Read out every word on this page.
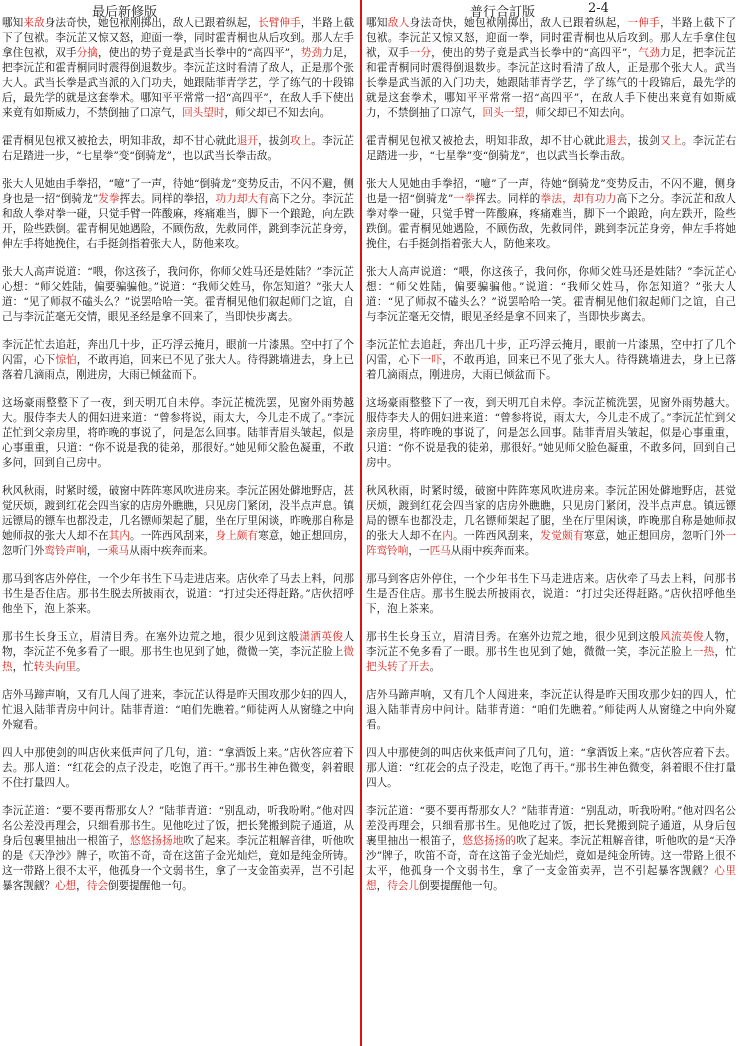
最后新修版	普行合訂版	2-4

哪知来敌身法奇快，她包袱刚掷出，敌人已跟着纵起，长臂伸手，半路上截下了包袱。李沅芷又惊又怒，迎面一拳，同时霍青桐也从后攻到。那人左手拿住包袱，双手分擒，使出的势子竟是武当长拳中的“高四平”，势劲力足，把李沅芷和霍青桐同时震得倒退数步。李沅芷这时看清了敌人，正是那个张大人。武当长拳是武当派的入门功夫，她跟陆菲青学艺，学了练气的十段锦后，最先学的就是这套拳术。哪知平平常常一招“高四平”，在敌人手下使出来竟有如斯威力，不禁倒抽了口凉气，回头望时，师父却已不知去向。

霍青桐见包袱又被抢去，明知非敌，却不甘心就此退开，拔剑攻上。李沅芷右足踏进一步，“七星拳”变“倒骑龙”，也以武当长拳击敌。

张大人见她由手拳招，“噫”了一声，待她“倒骑龙”变势反击，不闪不避，侧身也是一招“倒骑龙”发拳挥去。同样的拳招，功力却大有高下之分。李沅芷和敌人拳对拳一碰，只觉手臂一阵酸麻，疼痛难当，脚下一个踉跄，向左跌开，险些跌倒。霍青桐见她遇险，不顾伤敌，先救同伴，跳到李沅芷身旁，伸左手将她挽住，右手挺剑指着张大人，防他来攻。

张大人高声说道：“喂，你这孩子，我问你，你师父姓马还是姓陆？”李沅芷心想：“师父姓陆，偏要骗骗他。”说道：“我师父姓马，你怎知道？”张大人道：“见了师叔不磕头么？”说罢哈哈一笑。霍青桐见他们叙起师门之谊，自己与李沅芷毫无交情，眼见圣经是拿不回来了，当即快步离去。

李沅芷忙去追赶，奔出几十步，正巧浮云掩月，眼前一片漆黑。空中打了个闪雷，心下惊怕，不敢再追，回来已不见了张大人。待得跳墙进去，身上已落着几滴雨点，刚进房，大雨已倾盆而下。

这场豪雨整整下了一夜，到天明兀自未停。李沅芷梳洗罢，见窗外雨势越大。服侍李夫人的佣妇进来道：“曾参将说，雨太大，今儿走不成了。”李沅芷忙到父亲房里，将昨晚的事说了，问是怎么回事。陆菲青眉头皱起，似是心事重重，只道：“你不说是我的徒弟，那很好。”她见师父脸色凝重，不敢多问，回到自己房中。

秋风秋雨，时紧时缓，破窗中阵阵寒风吹进房来。李沅芷困处僻地野店，甚觉厌烦，踱到红花会四当家的店房外瞧瞧，只见房门紧闭，没半点声息。镇远镖局的镖车也都没走，几名镖师架起了腿，坐在厅里闲谈，昨晚那自称是她师叔的张大人却不在其内。一阵西风刮来，身上颇有寒意，她正想回房，忽听门外鸾铃声响，一乘马从雨中疾奔而来。

那马到客店外停住，一个少年书生下马走进店来。店伙牵了马去上料，问那书生是否住店。那书生脱去所披雨衣，说道：“打过尖还得赶路。”店伙招呼他坐下，泡上茶来。

那书生长身玉立，眉清目秀。在塞外边荒之地，很少见到这般潇洒英俊人物，李沅芷不免多看了一眼。那书生也见到了她，微微一笑，李沅芷脸上微热，忙转头向里。

店外马蹄声响，又有几人闯了进来，李沅芷认得是昨天围攻那少妇的四人，忙退入陆菲青房中问计。陆菲青道：“咱们先瞧着。”师徒两人从窗缝之中向外窥看。

四人中那使剑的叫店伙来低声问了几句，道：“拿酒饭上来。”店伙答应着下去。那人道：“红花会的点子没走，吃饱了再干。”那书生神色微变，斜着眼不住打量四人。

李沅芷道：“要不要再帮那女人？”陆菲青道：“别乱动，听我吩咐。”他对四名公差没再理会，只细看那书生。见他吃过了饭，把长凳搬到院子通道，从身后包裹里抽出一根笛子，悠悠扬扬地吹了起来。李沅芷粗解音律，听他吹的是《天净沙》牌子，吹笛不奇，奇在这笛子金光灿烂，竟如是纯金所铸。这一带路上很不太平，他孤身一个文弱书生，拿了一支金笛卖弄，岂不引起暴客觊觎？心想，待会倒要提醒他一句。

哪知敌人身法奇快，她包袱刚掷出，敌人已跟着纵起，一伸手，半路上截下了包袱。李沅芷又惊又怒，迎面一拳，同时霍青桐也从后攻到。那人左手拿住包袱，双手一分，使出的势子竟是武当长拳中的“高四平”，气劲力足，把李沅芷和霍青桐同时震得倒退数步。李沅芷这时看清了敌人，正是那个张大人。武当长拳是武当派的入门功夫，她跟陆菲青学艺，学了练气的十段锦后，最先学的就是这套拳术，哪知平平常常一招“高四平”，在敌人手下使出来竟有如斯威力，不禁倒抽了口凉气，回头一望，师父却已不知去向。

霍青桐见包袱又被抢去，明知非敌，却不甘心就此退去，拔剑又上。李沅芷右足踏进一步，“七星拳”变“倒骑龙”，也以武当长拳击敌。

张大人见她由手拳招，“噫”了一声，待她“倒骑龙”变势反击，不闪不避，侧身也是一招“倒骑龙”一拳挥去。同样的拳法，却有功力高下之分。李沅芷和敌人拳对拳一碰，只觉手臂一阵酸麻，疼痛难当，脚下一个踉跄，向左跌开，险些跌倒。霍青桐见她遇险，不顾伤敌，先救同伴，跳到李沅芷身旁，伸左手将她挽住，右手挺剑指着张大人，防他来攻。

张大人高声说道：“喂，你这孩子，我问你，你师父姓马还是姓陆？”李沅芷心想：“师父姓陆，偏要骗骗他。”说道：“我师父姓马，你怎知道？”张大人道：“见了师叔不磕头么？”说罢哈哈一笑。霍青桐见他们叙起师门之谊，自己与李沅芷毫无交情，眼见圣经是拿不回来了，当即快步离去。

李沅芷忙去追赶，奔出几十步，正巧浮云掩月，眼前一片漆黑，空中打了几个闪雷，心下一吓，不敢再追，回来已不见了张大人。待得跳墙进去，身上已落着几滴雨点，刚进房，大雨已倾盆而下。

这场豪雨整整下了一夜，到天明兀自未停。李沅芷梳洗罢，见窗外雨势越大。服侍李夫人的佣妇进来道：“曾参将说，雨太大，今儿走不成了。”李沅芷忙到父亲房里，将昨晚的事说了，问是怎么回事。陆菲青眉头皱起，似是心事重重，只道：“你不说是我的徒弟，那很好。”她见师父脸色凝重，不敢多问，回到自己房中。

秋风秋雨，时紧时缓，破窗中阵阵寒风吹进房来。李沅芷困处僻地野店，甚觉厌烦，踱到红花会四当家的店房外瞧瞧，只见房门紧闭，没半点声息。镇远镖局的镖车也都没走，几名镖师架起了腿，坐在厅里闲谈，昨晚那自称是她师叔的张大人却不在内。一阵西风刮来，发觉颇有寒意，她正想回房，忽听门外一阵鸾铃响，一匹马从雨中疾奔而来。

那马到客店外停住，一个少年书生下马走进店来。店伙牵了马去上料，问那书生是否住店。那书生脱去所披雨衣，说道：“打过尖还得赶路。”店伙招呼他坐下，泡上茶来。

那书生长身玉立，眉清目秀。在塞外边荒之地，很少见到这般风流英俊人物，李沅芷不免多看了一眼。那书生也见到了她，微微一笑，李沅芷脸上一热，忙把头转了开去。

店外马蹄声响，又有几个人闯进来，李沅芷认得是昨天围攻那少妇的四人，忙退入陆菲青房中问计。陆菲青道：“咱们先瞧着。”师徒两人从窗缝之中向外窥看。

四人中那使剑的叫店伙来低声问了几句，道：“拿酒饭上来。”店伙答应着下去。那人道：“红花会的点子没走，吃饱了再干。”那书生神色微变，斜着眼不住打量四人。

李沅芷道：“要不要再帮那女人？”陆菲青道：“别乱动，听我吩咐。”他对四名公差没再理会，只细看那书生。见他吃过了饭，把长凳搬到院子通道，从身后包裹里抽出一根笛子，悠悠扬扬的吹了起来。李沅芷粗解音律，听他吹的是“天净沙”牌子，吹笛不奇，奇在这笛子金光灿烂，竟如是纯金所铸。这一带路上很不太平，他孤身一个文弱书生，拿了一支金笛卖弄，岂不引起暴客觊觎？心里想，待会儿倒要提醒他一句。
